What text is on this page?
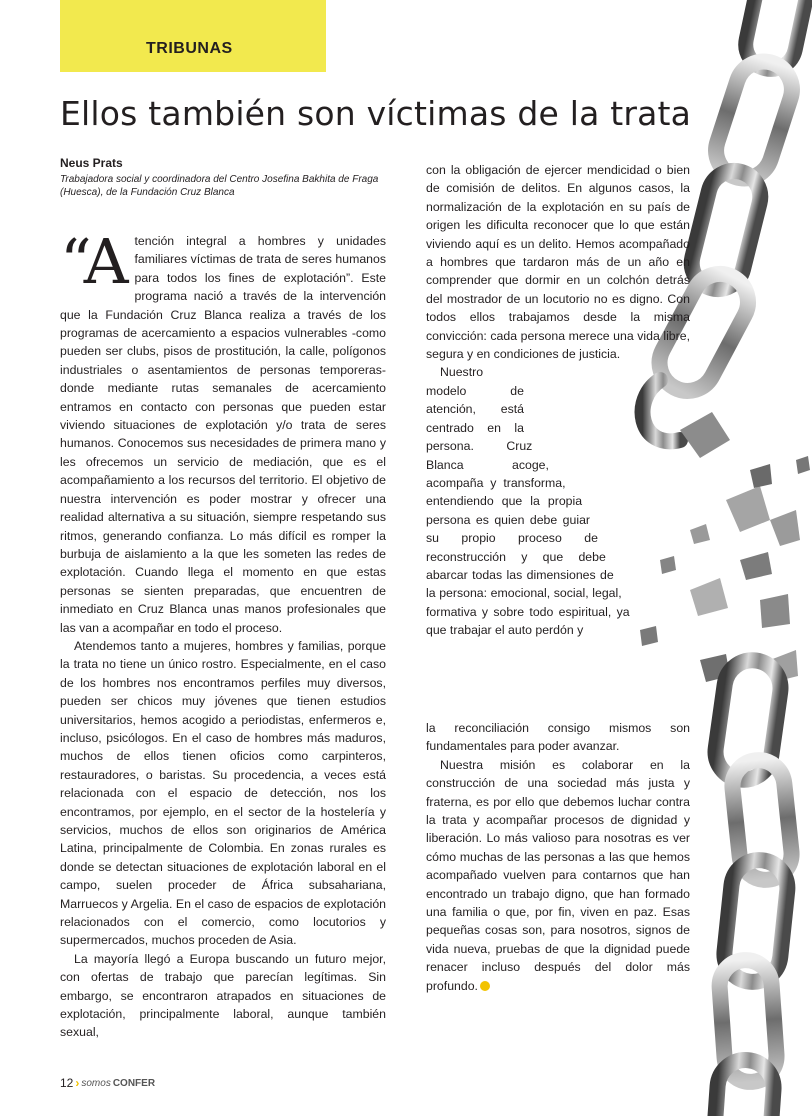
TRIBUNAS
Ellos también son víctimas de la trata
Neus Prats
Trabajadora social y coordinadora del Centro Josefina Bakhita de Fraga (Huesca), de la Fundación Cruz Blanca

“Atención integral a hombres y unidades familiares víctimas de trata de seres humanos para todos los fines de explotación”. Este programa nació a través de la intervención que la Fundación Cruz Blanca realiza a través de los programas de acercamiento a espacios vulnerables -como pueden ser clubs, pisos de prostitución, la calle, polígonos industriales o asentamientos de personas temporeras- donde mediante rutas semanales de acercamiento entramos en contacto con personas que pueden estar viviendo situaciones de explotación y/o trata de seres humanos. Conocemos sus necesidades de primera mano y les ofrecemos un servicio de mediación, que es el acompañamiento a los recursos del territorio. El objetivo de nuestra intervención es poder mostrar y ofrecer una realidad alternativa a su situación, siempre respetando sus ritmos, generando confianza. Lo más difícil es romper la burbuja de aislamiento a la que les someten las redes de explotación. Cuando llega el momento en que estas personas se sienten preparadas, que encuentren de inmediato en Cruz Blanca unas manos profesionales que las van a acompañar en todo el proceso.

Atendemos tanto a mujeres, hombres y familias, porque la trata no tiene un único rostro. Especialmente, en el caso de los hombres nos encontramos perfiles muy diversos, pueden ser chicos muy jóvenes que tienen estudios universitarios, hemos acogido a periodistas, enfermeros e, incluso, psicólogos. En el caso de hombres más maduros, muchos de ellos tienen oficios como carpinteros, restauradores, o baristas. Su procedencia, a veces está relacionada con el espacio de detección, nos los encontramos, por ejemplo, en el sector de la hostelería y servicios, muchos de ellos son originarios de América Latina, principalmente de Colombia. En zonas rurales es donde se detectan situaciones de explotación laboral en el campo, suelen proceder de África subsahariana, Marruecos y Argelia. En el caso de espacios de explotación relacionados con el comercio, como locutorios y supermercados, muchos proceden de Asia.

La mayoría llegó a Europa buscando un futuro mejor, con ofertas de trabajo que parecían legítimas. Sin embargo, se encontraron atrapados en situaciones de explotación, principalmente laboral, aunque también sexual,

con la obligación de ejercer mendicidad o bien de comisión de delitos. En algunos casos, la normalización de la explotación en su país de origen les dificulta reconocer que lo que están viviendo aquí es un delito. Hemos acompañado a hombres que tardaron más de un año en comprender que dormir en un colchón detrás del mostrador de un locutorio no es digno. Con todos ellos trabajamos desde la misma convicción: cada persona merece una vida libre, segura y en condiciones de justicia.

Nuestro modelo de atención, está centrado en la persona. Cruz Blanca acoge, acompaña y transforma, entendiendo que la propia persona es quien debe guiar su propio proceso de reconstrucción y que debe abarcar todas las dimensiones de la persona: emocional, social, legal, formativa y sobre todo espiritual, ya que trabajar el auto perdón y

la reconciliación consigo mismos son fundamentales para poder avanzar.

Nuestra misión es colaborar en la construcción de una sociedad más justa y fraterna, es por ello que debemos luchar contra la trata y acompañar procesos de dignidad y liberación. Lo más valioso para nosotras es ver cómo muchas de las personas a las que hemos acompañado vuelven para contarnos que han encontrado un trabajo digno, que han formado una familia o que, por fin, viven en paz. Esas pequeñas cosas son, para nosotros, signos de vida nueva, pruebas de que la dignidad puede renacer incluso después del dolor más profundo.

12 › somos CONFER
